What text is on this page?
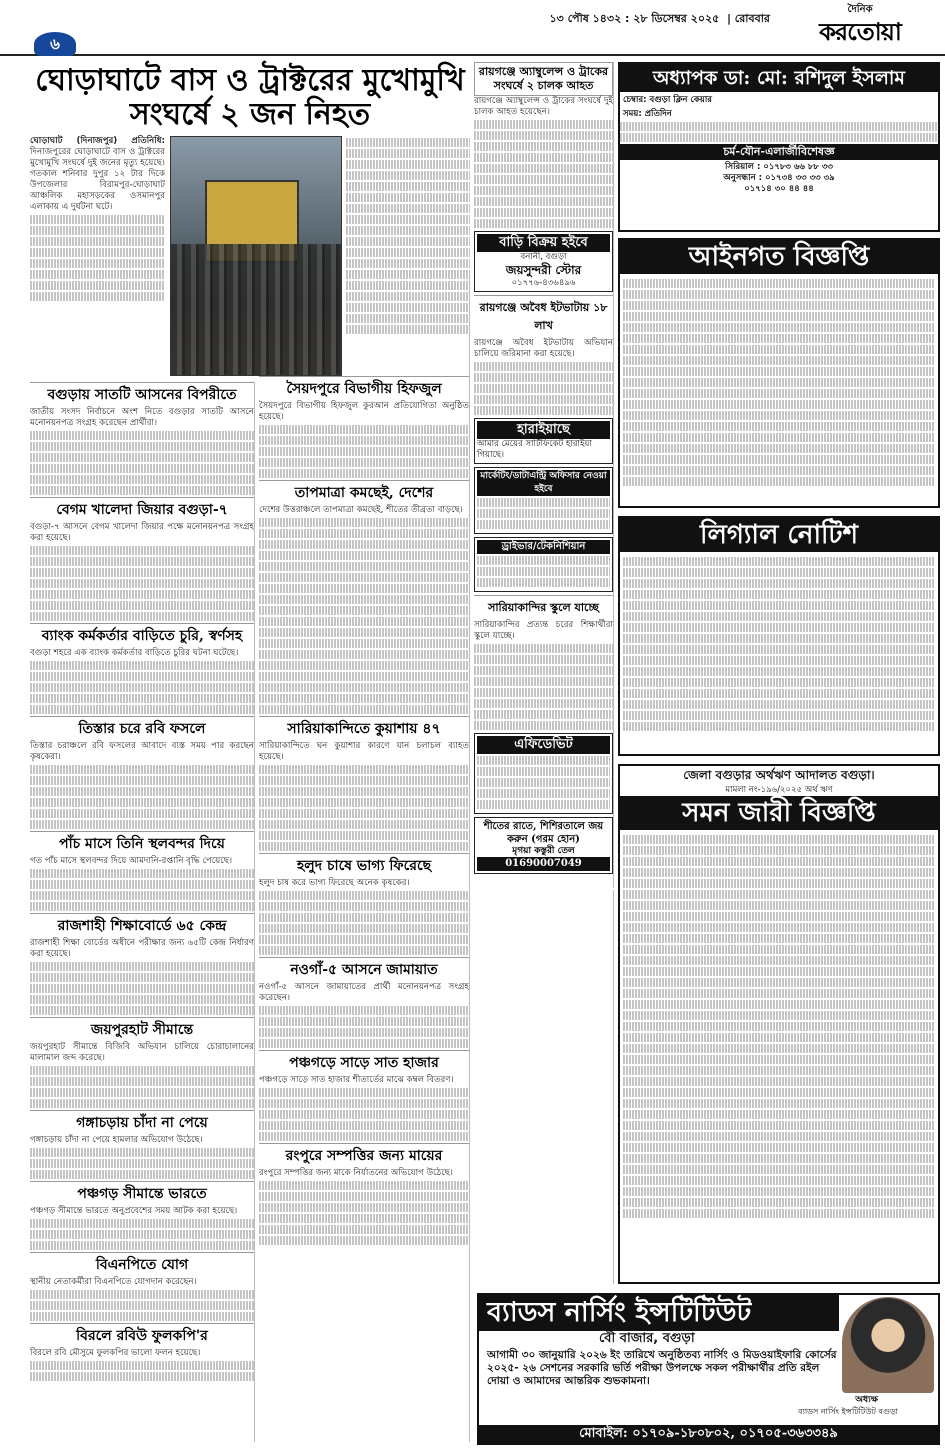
৬
১৩ পৌষ ১৪৩২ : ২৮ ডিসেম্বর ২০২৫  | রোববার
দৈনিক
করতোয়া
ঘোড়াঘাটে বাস ও ট্রাক্টরের মুখোমুখি সংঘর্ষে ২ জন নিহত

ঘোড়াঘাট (দিনাজপুর) প্রতিনিধি: দিনাজপুরের ঘোড়াঘাটে বাস ও ট্রাক্টরের মুখোমুখি সংঘর্ষে দুই জনের মৃত্যু হয়েছে। গতকাল শনিবার দুপুর ১২ টার দিকে উপজেলার বিরামপুর-ঘোড়াঘাট আঞ্চলিক মহাসড়কের ওসমানপুর এলাকায় এ দুর্ঘটনা ঘটে।

বগুড়ায় সাতটি আসনের বিপরীতে

জাতীয় সংসদ নির্বাচনে অংশ নিতে বগুড়ার সাতটি আসনে মনোনয়নপত্র সংগ্রহ করেছেন প্রার্থীরা।

বেগম খালেদা জিয়ার বগুড়া-৭

বগুড়া-৭ আসনে বেগম খালেদা জিয়ার পক্ষে মনোনয়নপত্র সংগ্রহ করা হয়েছে।

ব্যাংক কর্মকর্তার বাড়িতে চুরি, স্বর্ণসহ

বগুড়া শহরে এক ব্যাংক কর্মকর্তার বাড়িতে চুরির ঘটনা ঘটেছে।

তিস্তার চরে রবি ফসলে

তিস্তার চরাঞ্চলে রবি ফসলের আবাদে ব্যস্ত সময় পার করছেন কৃষকেরা।

পাঁচ মাসে তিনি স্থলবন্দর দিয়ে

গত পাঁচ মাসে স্থলবন্দর দিয়ে আমদানি-রপ্তানি বৃদ্ধি পেয়েছে।

রাজশাহী শিক্ষাবোর্ডে ৬৫ কেন্দ্র

রাজশাহী শিক্ষা বোর্ডের অধীনে পরীক্ষার জন্য ৬৫টি কেন্দ্র নির্ধারণ করা হয়েছে।

জয়পুরহাট সীমান্তে

জয়পুরহাট সীমান্তে বিজিবি অভিযান চালিয়ে চোরাচালানের মালামাল জব্দ করেছে।

গঙ্গাচড়ায় চাঁদা না পেয়ে

গঙ্গাচড়ায় চাঁদা না পেয়ে হামলার অভিযোগ উঠেছে।

পঞ্চগড় সীমান্তে ভারতে

পঞ্চগড় সীমান্তে ভারতে অনুপ্রবেশের সময় আটক করা হয়েছে।

বিএনপিতে যোগ

স্থানীয় নেতাকর্মীরা বিএনপিতে যোগদান করেছেন।

বিরলে রবিউ ফুলকপি'র

বিরলে রবি মৌসুমে ফুলকপির ভালো ফলন হয়েছে।

সৈয়দপুরে বিভাগীয় হিফজুল

সৈয়দপুরে বিভাগীয় হিফজুল কুরআন প্রতিযোগিতা অনুষ্ঠিত হয়েছে।

তাপমাত্রা কমছেই, দেশের

দেশের উত্তরাঞ্চলে তাপমাত্রা কমছেই, শীতের তীব্রতা বাড়ছে।

সারিয়াকান্দিতে কুয়াশায় ৪৭

সারিয়াকান্দিতে ঘন কুয়াশার কারণে যান চলাচল ব্যাহত হয়েছে।

হলুদ চাষে ভাগ্য ফিরেছে

হলুদ চাষ করে ভাগ্য ফিরেছে অনেক কৃষকের।

নওগাঁ-৫ আসনে জামায়াত

নওগাঁ-৫ আসনে জামায়াতের প্রার্থী মনোনয়নপত্র সংগ্রহ করেছেন।

পঞ্চগড়ে সাড়ে সাত হাজার

পঞ্চগড়ে সাড়ে সাত হাজার শীতার্তের মাঝে কম্বল বিতরণ।

রংপুরে সম্পত্তির জন্য মায়ের

রংপুরে সম্পত্তির জন্য মাকে নির্যাতনের অভিযোগ উঠেছে।

রায়গঞ্জে অ্যাম্বুলেন্স ও ট্রাকের সংঘর্ষে ২ চালক আহত

রায়গঞ্জে অ্যাম্বুলেন্স ও ট্রাকের সংঘর্ষে দুই চালক আহত হয়েছেন।

বাড়ি বিক্রয় হইবে
বনানী, বগুড়া
জয়সুন্দরী স্টোর
০১৭৭৬-৪৩৬৪৯৬
রায়গঞ্জে অবৈধ ইটভাটায় ১৮ লাখ

রায়গঞ্জে অবৈধ ইটভাটায় অভিযান চালিয়ে জরিমানা করা হয়েছে।

হারাইয়াছে
আমার মেয়ের সার্টিফিকেট হারাইয়া গিয়াছে।
মার্কেটিং/ডাটাএন্ট্রি অফিসার নেওয়া হইবে
ড্রাইভার/টেকনিশিয়ান
সারিয়াকান্দির স্কুলে যাচ্ছে

সারিয়াকান্দির প্রত্যন্ত চরের শিক্ষার্থীরা স্কুলে যাচ্ছে।

এফিডেভিট
শীতের রাতে, শিশিরতালে জয় করুন (গরম হোন)
মৃগয়া কস্তুরী তেল
01690007049
অধ্যাপক ডা: মো: রশিদুল ইসলাম
চেম্বার: বগুড়া ক্লিন কেয়ার
সময়: প্রতিদিন
চর্ম-যৌন-এলার্জীবিশেষজ্ঞ
সিরিয়াল : ০১৭৮৩ ৬৬ ৮৮ ৩৩
অনুসন্ধান : ০১৭৩৪ ৩৩ ৩৩ ৩৯
০১৭১৪ ৩০ ৪৪ ৪৪
আইনগত বিজ্ঞপ্তি
লিগ্যাল নোটিশ
জেলা বগুড়ার অর্থঋণ আদালত বগুড়া।
মামলা নং-১৯৬/২০২৫ অর্থ ঋণ
সমন জারী বিজ্ঞপ্তি
ব্যাডস নার্সিং ইন্সটিটিউট
বৌ বাজার, বগুড়া
আগামী ৩০ জানুয়ারি ২০২৬ ইং তারিখে অনুষ্ঠিতব্য নার্সিং ও মিডওয়াইফারি কোর্সের ২০২৫- ২৬ সেশনের সরকারি ভর্তি পরীক্ষা উপলক্ষে সকল পরীক্ষার্থীর প্রতি রইল দোয়া ও আমাদের আন্তরিক শুভকামনা।
অধ্যক্ষ
ব্যাডস নার্সিং ইন্সটিটিউট বগুড়া
মোবাইল: ০১৭০৯-১৮০৮০২, ০১৭০৫-৩৬৩৩৪৯
